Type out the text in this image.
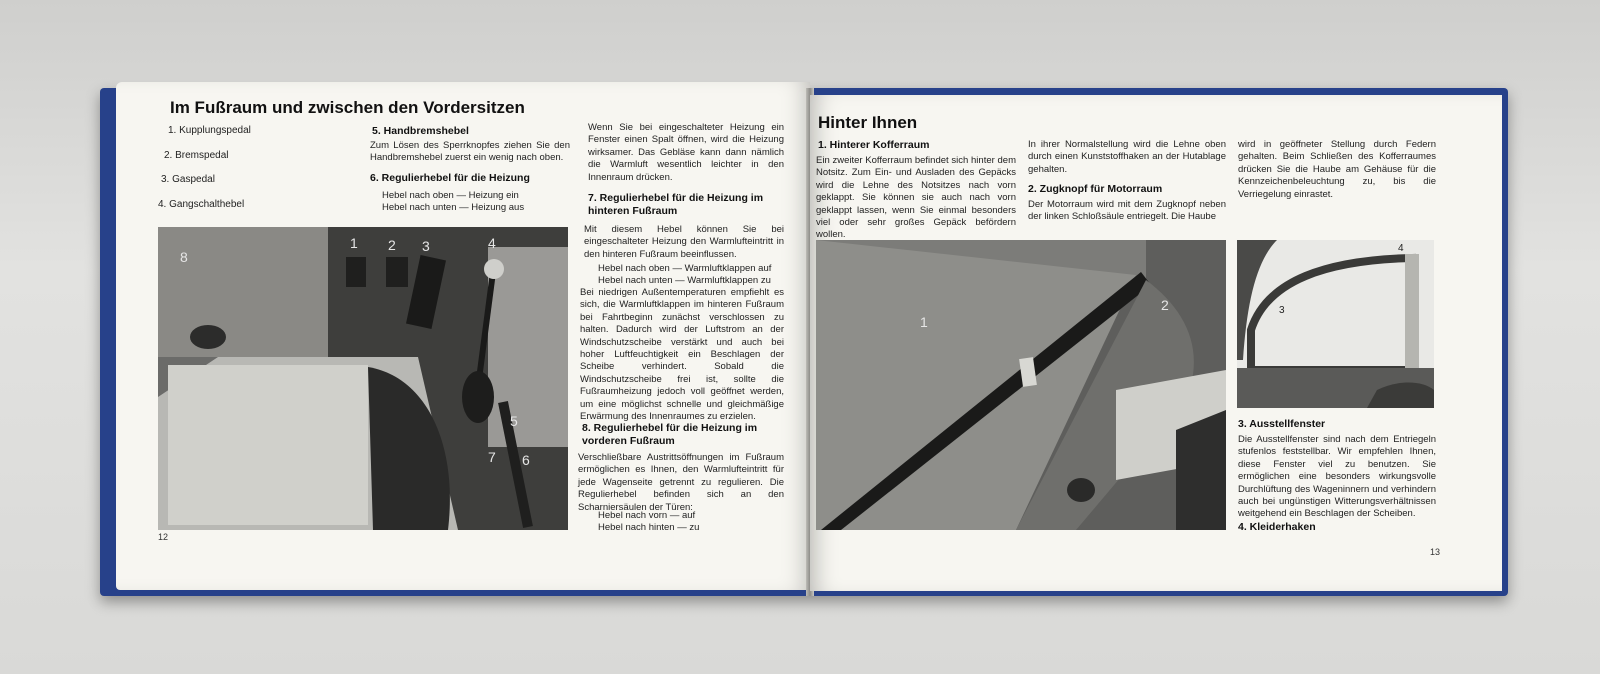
Im Fußraum und zwischen den Vordersitzen
1. Kupplungspedal
2. Bremspedal
3. Gaspedal
4. Gangschalthebel
5. Handbremshebel
Zum Lösen des Sperrknopfes ziehen Sie den Handbremshebel zuerst ein wenig nach oben.
6. Regulierhebel für die Heizung
Hebel nach oben — Heizung ein
Hebel nach unten — Heizung aus
8
1 2 3	4
5
7 6
Wenn Sie bei eingeschalteter Heizung ein Fenster einen Spalt öffnen, wird die Heizung wirksamer. Das Gebläse kann dann nämlich die Warmluft wesentlich leichter in den Innenraum drücken.
7. Regulierhebel für die Heizung im hinteren Fußraum
Mit diesem Hebel können Sie bei eingeschalteter Heizung den Warmlufteintritt in den hinteren Fußraum beeinflussen.
Hebel nach oben — Warmluftklappen auf
Hebel nach unten — Warmluftklappen zu
Bei niedrigen Außentemperaturen empfiehlt es sich, die Warmluftklappen im hinteren Fußraum bei Fahrtbeginn zunächst verschlossen zu halten. Dadurch wird der Luftstrom an der Windschutzscheibe verstärkt und auch bei hoher Luftfeuchtigkeit ein Beschlagen der Scheibe verhindert. Sobald die Windschutzscheibe frei ist, sollte die Fußraumheizung jedoch voll geöffnet werden, um eine möglichst schnelle und gleichmäßige Erwärmung des Innenraumes zu erzielen.
8. Regulierhebel für die Heizung im vorderen Fußraum
Verschließbare Austrittsöffnungen im Fußraum ermöglichen es Ihnen, den Warmlufteintritt für jede Wagenseite getrennt zu regulieren. Die Regulierhebel befinden sich an den Scharniersäulen der Türen:
Hebel nach vorn — auf
Hebel nach hinten — zu
12
Hinter Ihnen
1. Hinterer Kofferraum
Ein zweiter Kofferraum befindet sich hinter dem Notsitz. Zum Ein- und Ausladen des Gepäcks wird die Lehne des Notsitzes nach vorn geklappt. Sie können sie auch nach vorn geklappt lassen, wenn Sie einmal besonders viel oder sehr großes Gepäck befördern wollen.
In ihrer Normalstellung wird die Lehne oben durch einen Kunststoffhaken an der Hutablage gehalten.
2. Zugknopf für Motorraum
Der Motorraum wird mit dem Zugknopf neben der linken Schloßsäule entriegelt. Die Haube
wird in geöffneter Stellung durch Federn gehalten. Beim Schließen des Kofferraumes drücken Sie die Haube am Gehäuse für die Kennzeichenbeleuchtung zu, bis die Verriegelung einrastet.
1
2
4
3
3. Ausstellfenster
Die Ausstellfenster sind nach dem Entriegeln stufenlos feststellbar. Wir empfehlen Ihnen, diese Fenster viel zu benutzen. Sie ermöglichen eine besonders wirkungsvolle Durchlüftung des Wageninnern und verhindern auch bei ungünstigen Witterungsverhältnissen weitgehend ein Beschlagen der Scheiben.
4. Kleiderhaken
13
